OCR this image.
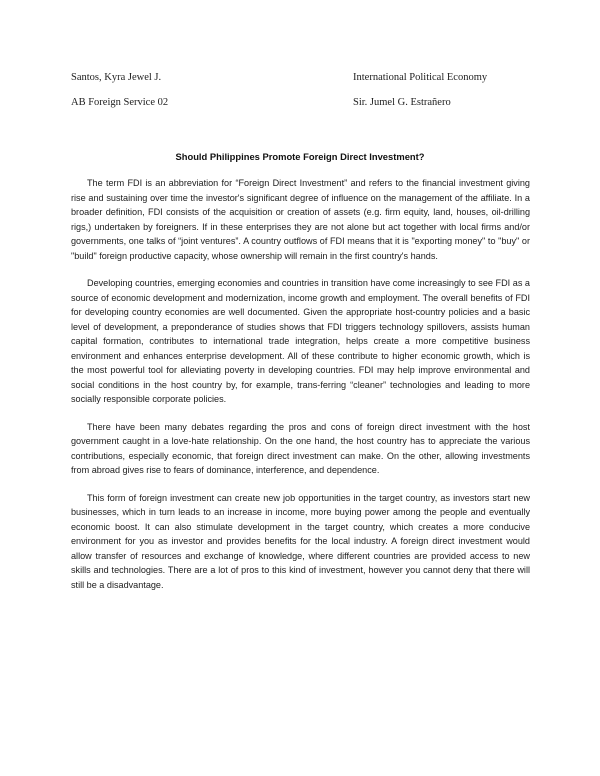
Santos, Kyra Jewel J.	International Political Economy
AB Foreign Service 02	Sir. Jumel G. Estrañero
Should Philippines Promote Foreign Direct Investment?

The term FDI is an abbreviation for “Foreign Direct Investment” and refers to the financial investment giving rise and sustaining over time the investor's significant degree of influence on the management of the affiliate. In a broader definition, FDI consists of the acquisition or creation of assets (e.g. firm equity, land, houses, oil-drilling rigs,) undertaken by foreigners. If in these enterprises they are not alone but act together with local firms and/or governments, one talks of “joint ventures”. A country outflows of FDI means that it is "exporting money" to "buy" or "build" foreign productive capacity, whose ownership will remain in the first country's hands.

Developing countries, emerging economies and countries in transition have come increasingly to see FDI as a source of economic development and modernization, income growth and employment. The overall benefits of FDI for developing country economies are well documented. Given the appropriate host-country policies and a basic level of development, a preponderance of studies shows that FDI triggers technology spillovers, assists human capital formation, contributes to international trade integration, helps create a more competitive business environment and enhances enterprise development. All of these contribute to higher economic growth, which is the most powerful tool for alleviating poverty in developing countries. FDI may help improve environmental and social conditions in the host country by, for example, trans-ferring “cleaner” technologies and leading to more socially responsible corporate policies.

There have been many debates regarding the pros and cons of foreign direct investment with the host government caught in a love-hate relationship. On the one hand, the host country has to appreciate the various contributions, especially economic, that foreign direct investment can make. On the other, allowing investments from abroad gives rise to fears of dominance, interference, and dependence.

This form of foreign investment can create new job opportunities in the target country, as investors start new businesses, which in turn leads to an increase in income, more buying power among the people and eventually economic boost. It can also stimulate development in the target country, which creates a more conducive environment for you as investor and provides benefits for the local industry. A foreign direct investment would allow transfer of resources and exchange of knowledge, where different countries are provided access to new skills and technologies. There are a lot of pros to this kind of investment, however you cannot deny that there will still be a disadvantage.
